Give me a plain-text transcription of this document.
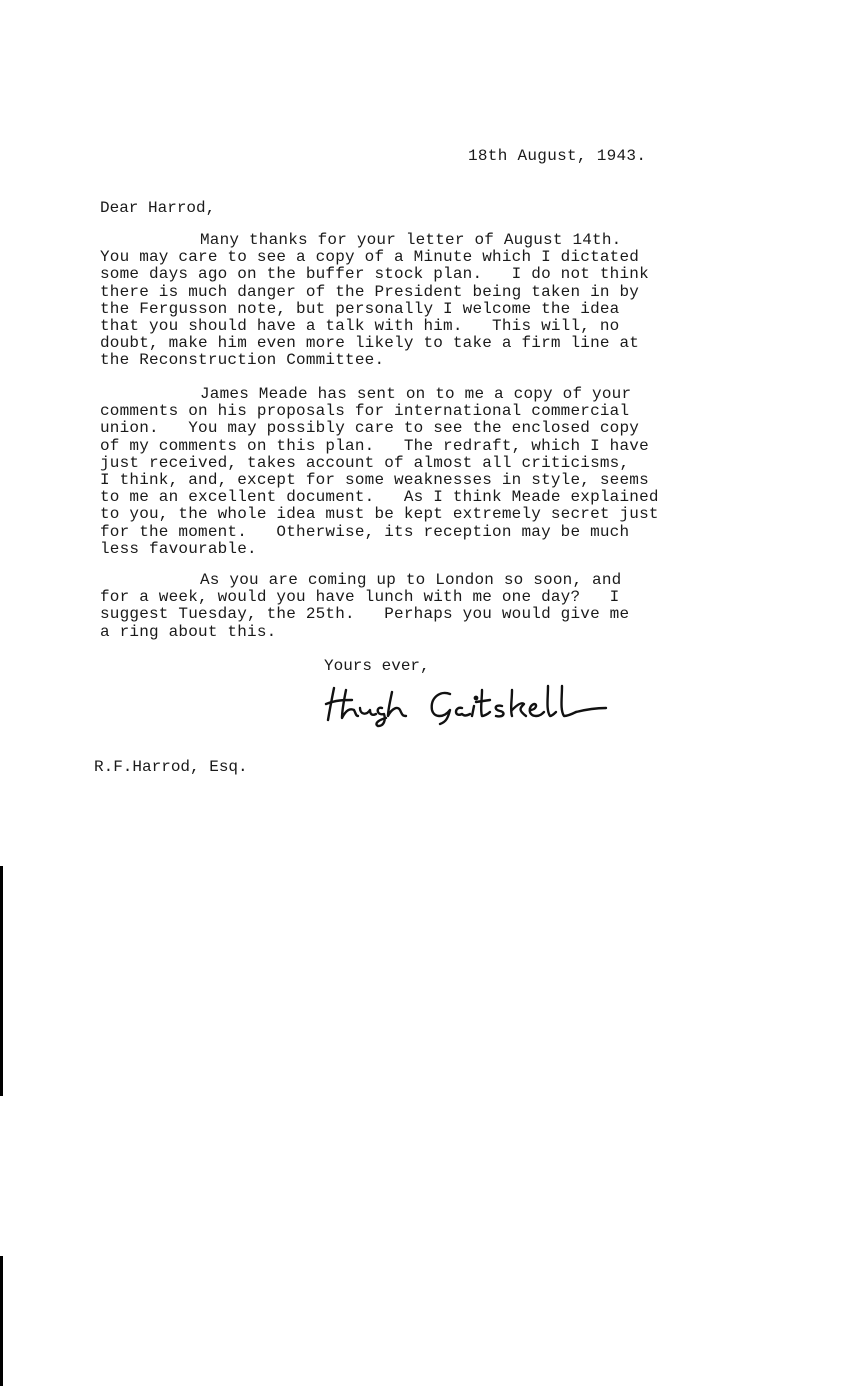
18th August, 1943.
Dear Harrod,
Many thanks for your letter of August 14th.
You may care to see a copy of a Minute which I dictated
some days ago on the buffer stock plan.   I do not think
there is much danger of the President being taken in by
the Fergusson note, but personally I welcome the idea
that you should have a talk with him.   This will, no
doubt, make him even more likely to take a firm line at
the Reconstruction Committee.
James Meade has sent on to me a copy of your
comments on his proposals for international commercial
union.   You may possibly care to see the enclosed copy
of my comments on this plan.   The redraft, which I have
just received, takes account of almost all criticisms,
I think, and, except for some weaknesses in style, seems
to me an excellent document.   As I think Meade explained
to you, the whole idea must be kept extremely secret just
for the moment.   Otherwise, its reception may be much
less favourable.
As you are coming up to London so soon, and
for a week, would you have lunch with me one day?   I
suggest Tuesday, the 25th.   Perhaps you would give me
a ring about this.
Yours ever,
R.F.Harrod, Esq.
